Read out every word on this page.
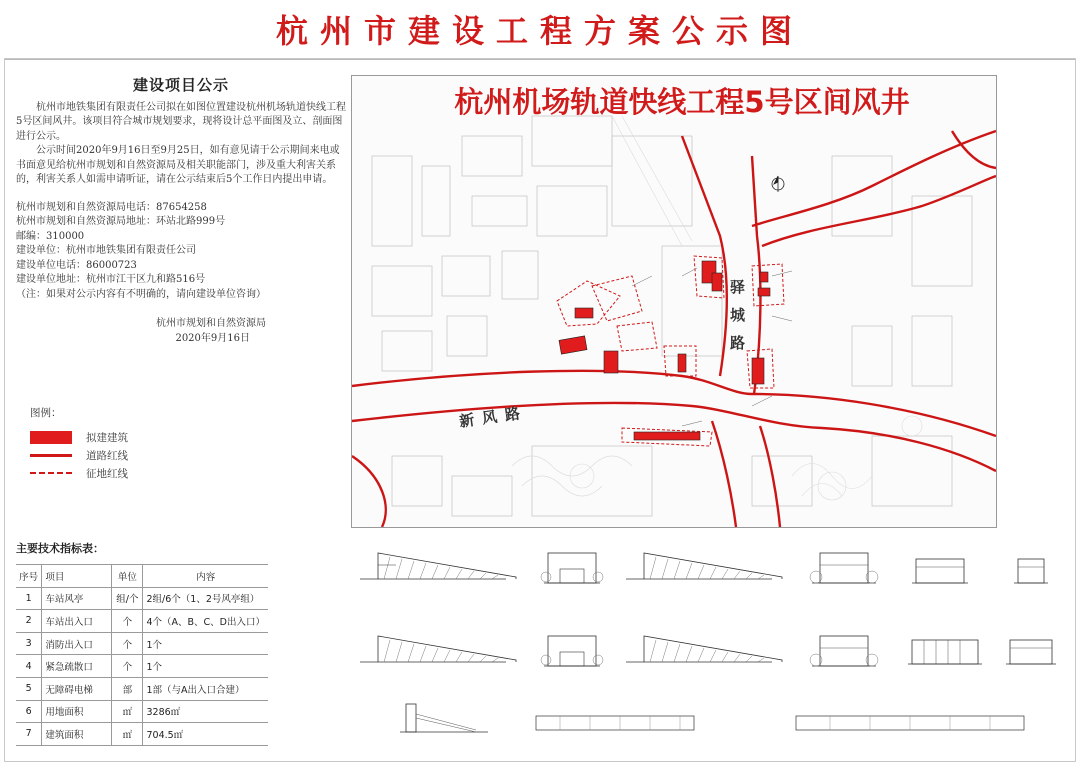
杭州市建设工程方案公示图
建设项目公示
杭州市地铁集团有限责任公司拟在如图位置建设杭州机场轨道快线工程5号区间风井。该项目符合城市规划要求，现将设计总平面图及立、剖面图进行公示。
公示时间2020年9月16日至9月25日，如有意见请于公示期间来电或书面意见给杭州市规划和自然资源局及相关职能部门，涉及重大利害关系的，利害关系人如需申请听证，请在公示结束后5个工作日内提出申请。
杭州市规划和自然资源局电话：87654258
杭州市规划和自然资源局地址：环站北路999号
邮编：310000
建设单位：杭州市地铁集团有限责任公司
建设单位电话：86000723
建设单位地址：杭州市江干区九和路516号
（注：如果对公示内容有不明确的，请向建设单位咨询）
杭州市规划和自然资源局
2020年9月16日
图例：
拟建建筑
道路红线
征地红线
主要技术指标表：
序号	项目	单位	内容
1	车站风亭	组/个	2组/6个（1、2号风亭组）
2	车站出入口	个	4个（A、B、C、D出入口）
3	消防出入口	个	1个
4	紧急疏散口	个	1个
5	无障碍电梯	部	1部（与A出入口合建）
6	用地面积	㎡	3286㎡
7	建筑面积	㎡	704.5㎡
杭州机场轨道快线工程5号区间风井
新风路
驿城路
